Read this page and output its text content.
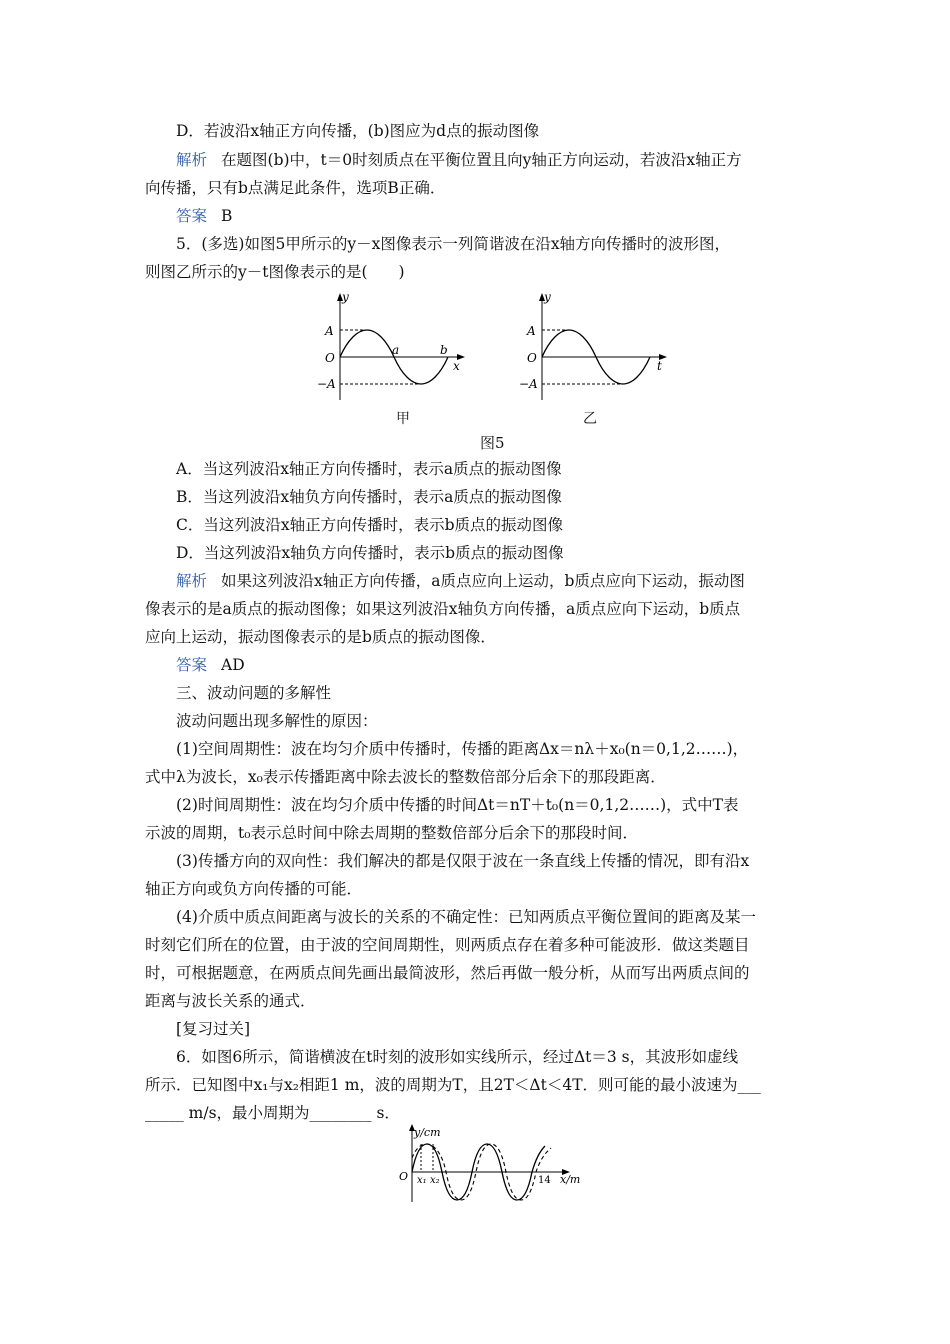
D．若波沿x轴正方向传播，(b)图应为d点的振动图像
解析 在题图(b)中，t＝0时刻质点在平衡位置且向y轴正方向运动，若波沿x轴正方
向传播，只有b点满足此条件，选项B正确．
答案 B
5．(多选)如图5甲所示的y－x图像表示一列简谐波在沿x轴方向传播时的波形图，
则图乙所示的y－t图像表示的是(　　)
y
A
O
−A
a	b
x
甲
y
A
O
−A
t
乙
图5
A．当这列波沿x轴正方向传播时，表示a质点的振动图像
B．当这列波沿x轴负方向传播时，表示a质点的振动图像
C．当这列波沿x轴正方向传播时，表示b质点的振动图像
D．当这列波沿x轴负方向传播时，表示b质点的振动图像
解析 如果这列波沿x轴正方向传播，a质点应向上运动，b质点应向下运动，振动图
像表示的是a质点的振动图像；如果这列波沿x轴负方向传播，a质点应向下运动，b质点
应向上运动，振动图像表示的是b质点的振动图像．
答案 AD
三、波动问题的多解性
波动问题出现多解性的原因：
(1)空间周期性：波在均匀介质中传播时，传播的距离Δx＝nλ＋x₀(n＝0,1,2……)，
式中λ为波长，x₀表示传播距离中除去波长的整数倍部分后余下的那段距离．
(2)时间周期性：波在均匀介质中传播的时间Δt＝nT＋t₀(n＝0,1,2……)，式中T表
示波的周期，t₀表示总时间中除去周期的整数倍部分后余下的那段时间．
(3)传播方向的双向性：我们解决的都是仅限于波在一条直线上传播的情况，即有沿x
轴正方向或负方向传播的可能．
(4)介质中质点间距离与波长的关系的不确定性：已知两质点平衡位置间的距离及某一
时刻它们所在的位置，由于波的空间周期性，则两质点存在着多种可能波形．做这类题目
时，可根据题意，在两质点间先画出最简波形，然后再做一般分析，从而写出两质点间的
距离与波长关系的通式．
[复习过关]
6．如图6所示，简谐横波在t时刻的波形如实线所示，经过Δt＝3 s，其波形如虚线
所示．已知图中x₁与x₂相距1 m，波的周期为T，且2T＜Δt＜4T．则可能的最小波速为___
_____ m/s，最小周期为________ s．
y/cm
O x₁ x₂	14 x/m
